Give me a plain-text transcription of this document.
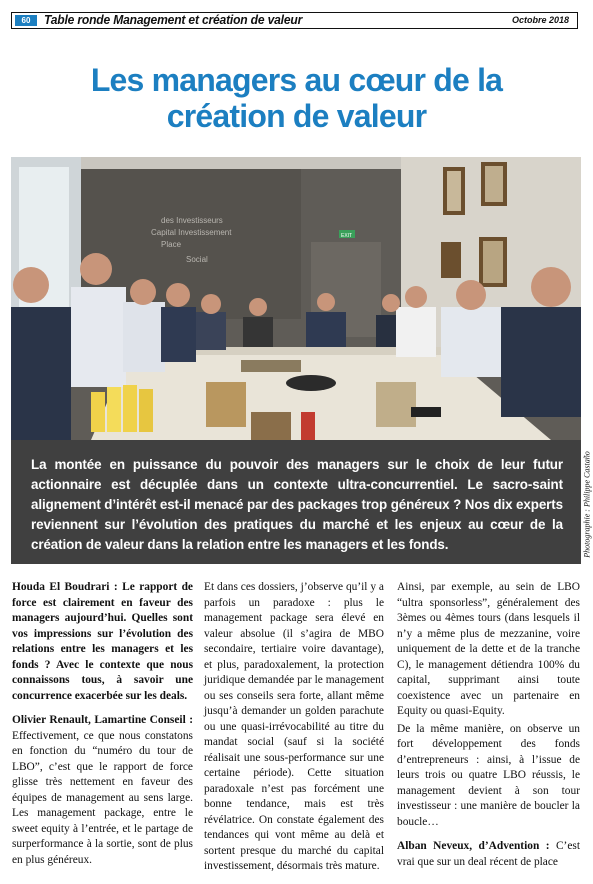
60	Table ronde Management et création de valeur	Octobre 2018
Les managers au cœur de la création de valeur
des Investisseurs
Capital Investissement
Place
Social
EXIT
Photographie : Philippe Castaño
La montée en puissance du pouvoir des managers sur le choix de leur futur actionnaire est décuplée dans un contexte ultra-concurrentiel. Le sacro-saint alignement d’intérêt est-il menacé par des packages trop généreux ? Nos dix experts reviennent sur l’évolution des pratiques du marché et les enjeux au cœur de la création de valeur dans la relation entre les managers et les fonds.

Houda El Boudrari : Le rapport de force est clairement en faveur des managers aujourd’hui. Quelles sont vos impressions sur l’évolution des relations entre les managers et les fonds ? Avec le contexte que nous connaissons tous, à savoir une concurrence exacerbée sur les deals.

Olivier Renault, Lamartine Conseil : Effectivement, ce que nous constatons en fonction du “numéro du tour de LBO”, c’est que le rapport de force glisse très nettement en faveur des équipes de management au sens large. Les management package, entre le sweet equity à l’entrée, et le partage de surperformance à la sortie, sont de plus en plus généreux.

Et dans ces dossiers, j’observe qu’il y a parfois un paradoxe : plus le management package sera élevé en valeur absolue (il s’agira de MBO secondaire, tertiaire voire davantage), et plus, paradoxalement, la protection juridique demandée par le management ou ses conseils sera forte, allant même jusqu’à demander un golden parachute ou une quasi-irrévocabilité au titre du mandat social (sauf si la société réalisait une sous-performance sur une certaine période). Cette situation paradoxale n’est pas forcément une bonne tendance, mais est très révélatrice. On constate également des tendances qui vont même au delà et sortent presque du marché du capital investissement, désormais très mature.

Ainsi, par exemple, au sein de LBO “ultra sponsorless”, généralement des 3èmes ou 4èmes tours (dans lesquels il n’y a même plus de mezzanine, voire uniquement de la dette et de la tranche C), le management détiendra 100% du capital, supprimant ainsi toute coexistence avec un partenaire en Equity ou quasi-Equity.

De la même manière, on observe un fort développement des fonds d’entrepreneurs : ainsi, à l’issue de leurs trois ou quatre LBO réussis, le management devient à son tour investisseur : une manière de boucler la boucle…

Alban Neveux, d’Advention : C’est vrai que sur un deal récent de place
